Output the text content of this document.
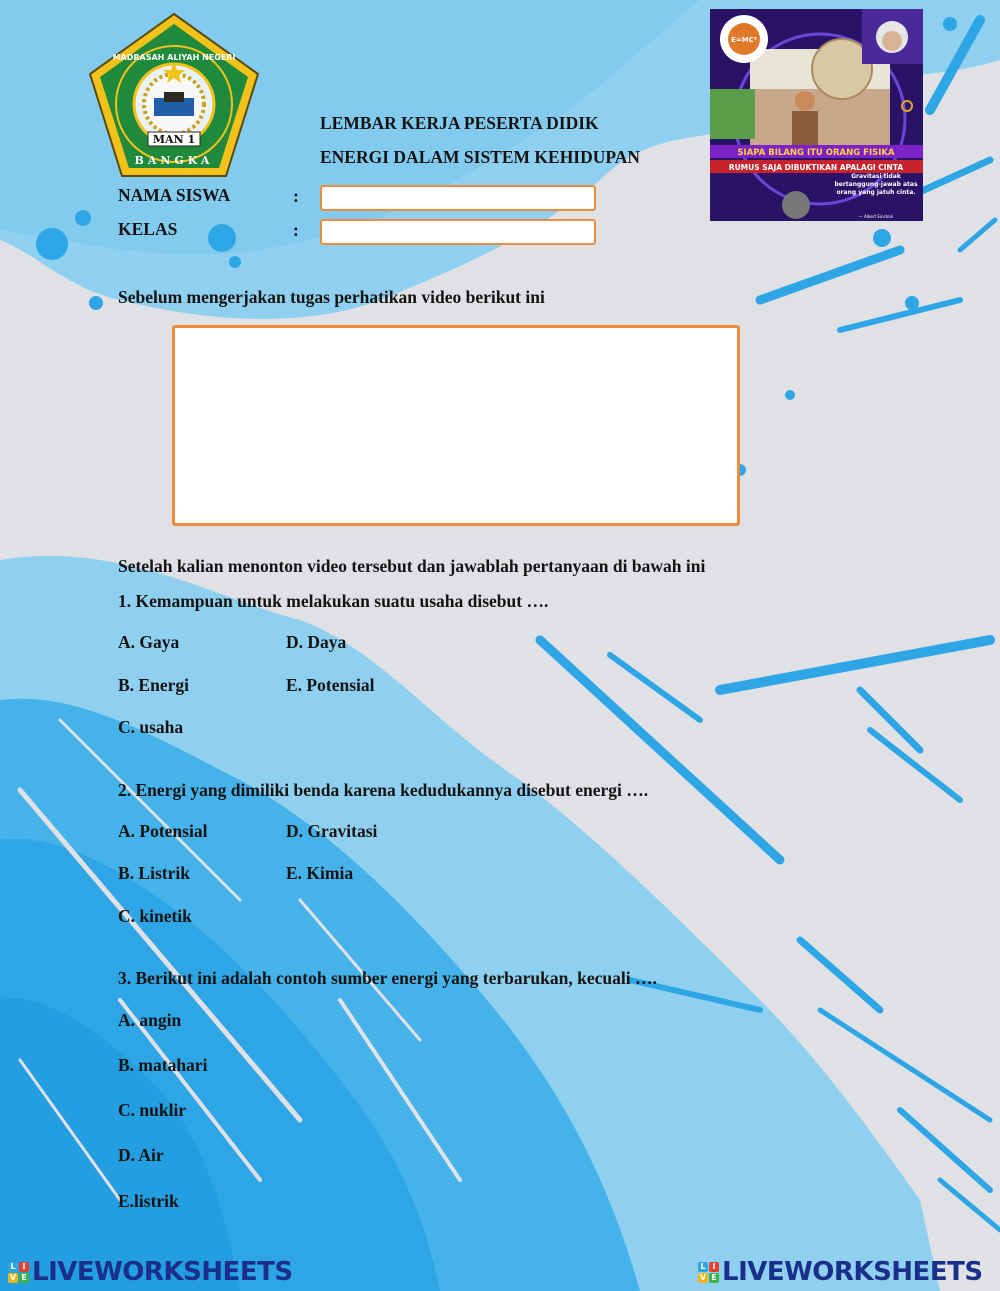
MAN 1
MADRASAH ALIYAH NEGERI
BANGKA
LEMBAR KERJA PESERTA DIDIK
ENERGI DALAM SISTEM KEHIDUPAN
E=MC²
SIAPA BILANG ITU ORANG FISIKA
RUMUS SAJA DIBUKTIKAN APALAGI CINTA
Gravitasi tidak bertanggung-jawab atas orang yang jatuh cinta.
— Albert Einstein
NAMA SISWA	:
KELAS	:
Sebelum mengerjakan tugas perhatikan video berikut ini
Setelah kalian menonton video tersebut dan jawablah pertanyaan di bawah ini
1. Kemampuan untuk melakukan suatu usaha disebut ….
A. Gaya	D. Daya
B. Energi	E. Potensial
C. usaha
2. Energi yang dimiliki benda karena kedudukannya disebut energi ….
A. Potensial	D. Gravitasi
B. Listrik	E. Kimia
C. kinetik
3. Berikut ini adalah contoh sumber energi yang terbarukan, kecuali ….
A. angin
B. matahari
C. nuklir
D. Air
E.listrik
L I
V E LIVEWORKSHEETS	L I
V E LIVEWORKSHEETS
